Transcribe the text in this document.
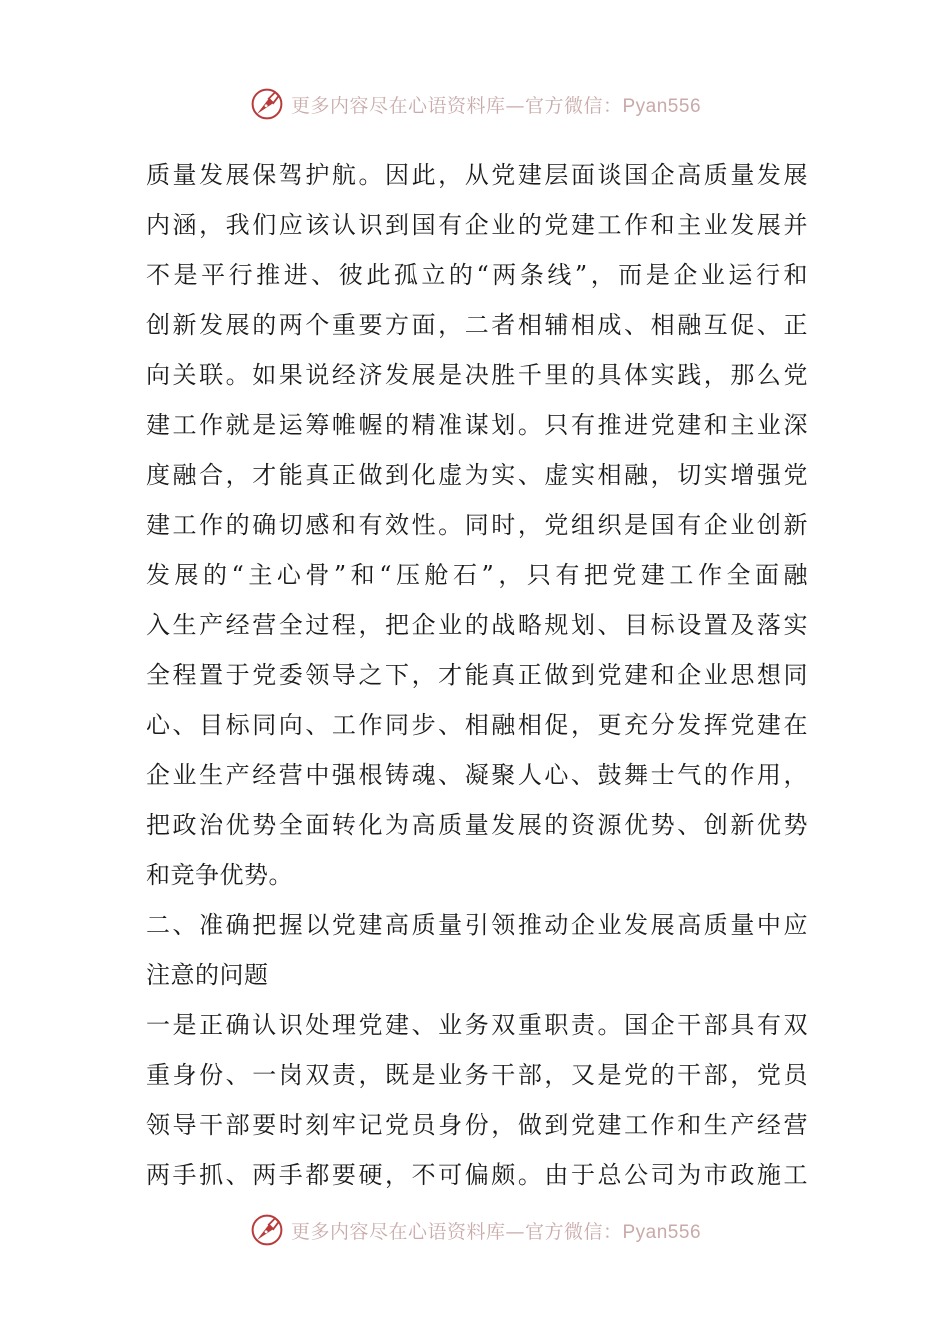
更多内容尽在心语资料库—官方微信：Pyan556
质量发展保驾护航。因此，从党建层面谈国企高质量发展
内涵，我们应该认识到国有企业的党建工作和主业发展并
不是平行推进、彼此孤立的“两条线”，而是企业运行和
创新发展的两个重要方面，二者相辅相成、相融互促、正
向关联。如果说经济发展是决胜千里的具体实践，那么党
建工作就是运筹帷幄的精准谋划。只有推进党建和主业深
度融合，才能真正做到化虚为实、虚实相融，切实增强党
建工作的确切感和有效性。同时，党组织是国有企业创新
发展的“主心骨”和“压舱石”，只有把党建工作全面融
入生产经营全过程，把企业的战略规划、目标设置及落实
全程置于党委领导之下，才能真正做到党建和企业思想同
心、目标同向、工作同步、相融相促，更充分发挥党建在
企业生产经营中强根铸魂、凝聚人心、鼓舞士气的作用，
把政治优势全面转化为高质量发展的资源优势、创新优势
和竞争优势。
二、准确把握以党建高质量引领推动企业发展高质量中应
注意的问题
一是正确认识处理党建、业务双重职责。国企干部具有双
重身份、一岗双责，既是业务干部，又是党的干部，党员
领导干部要时刻牢记党员身份，做到党建工作和生产经营
两手抓、两手都要硬，不可偏颇。由于总公司为市政施工
更多内容尽在心语资料库—官方微信：Pyan556
